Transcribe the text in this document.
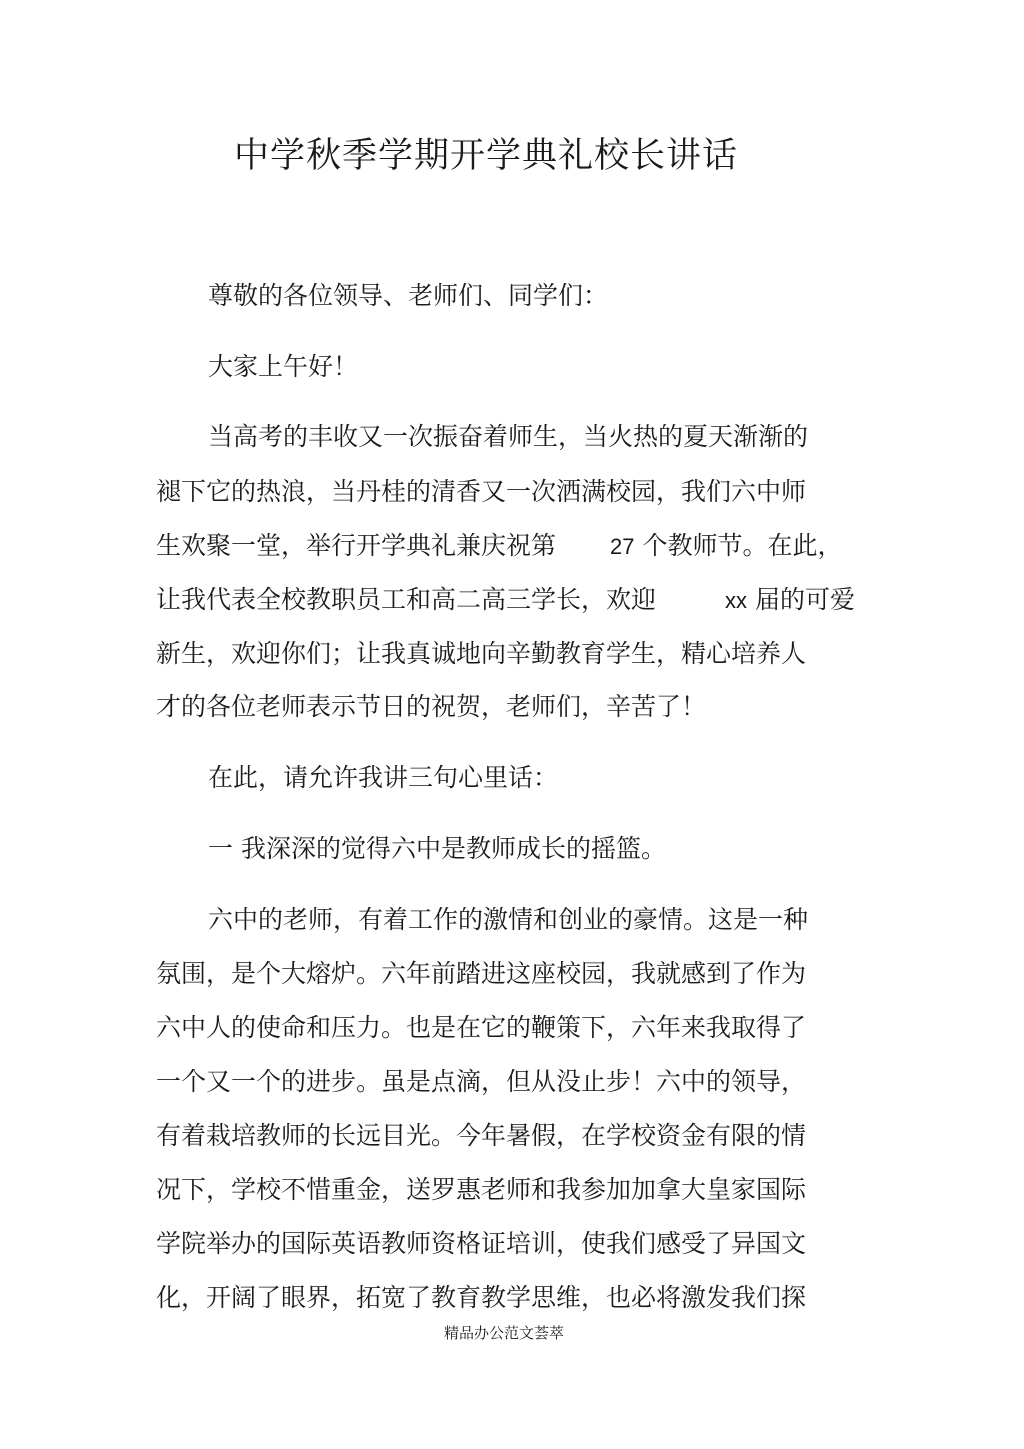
中学秋季学期开学典礼校长讲话

尊敬的各位领导、老师们、同学们：

大家上午好！

当高考的丰收又一次振奋着师生，当火热的夏天渐渐的

褪下它的热浪，当丹桂的清香又一次洒满校园，我们六中师

生欢聚一堂，举行开学典礼兼庆祝第 27 个教师节。在此，

让我代表全校教职员工和高二高三学长，欢迎	xx 届的可爱

新生，欢迎你们；让我真诚地向辛勤教育学生，精心培养人

才的各位老师表示节日的祝贺，老师们，辛苦了！

在此，请允许我讲三句心里话：

一 我深深的觉得六中是教师成长的摇篮。

六中的老师，有着工作的激情和创业的豪情。这是一种

氛围，是个大熔炉。六年前踏进这座校园，我就感到了作为

六中人的使命和压力。也是在它的鞭策下，六年来我取得了

一个又一个的进步。虽是点滴，但从没止步！六中的领导，

有着栽培教师的长远目光。今年暑假，在学校资金有限的情

况下，学校不惜重金，送罗惠老师和我参加加拿大皇家国际

学院举办的国际英语教师资格证培训，使我们感受了异国文

化，开阔了眼界，拓宽了教育教学思维，也必将激发我们探

精品办公范文荟萃
